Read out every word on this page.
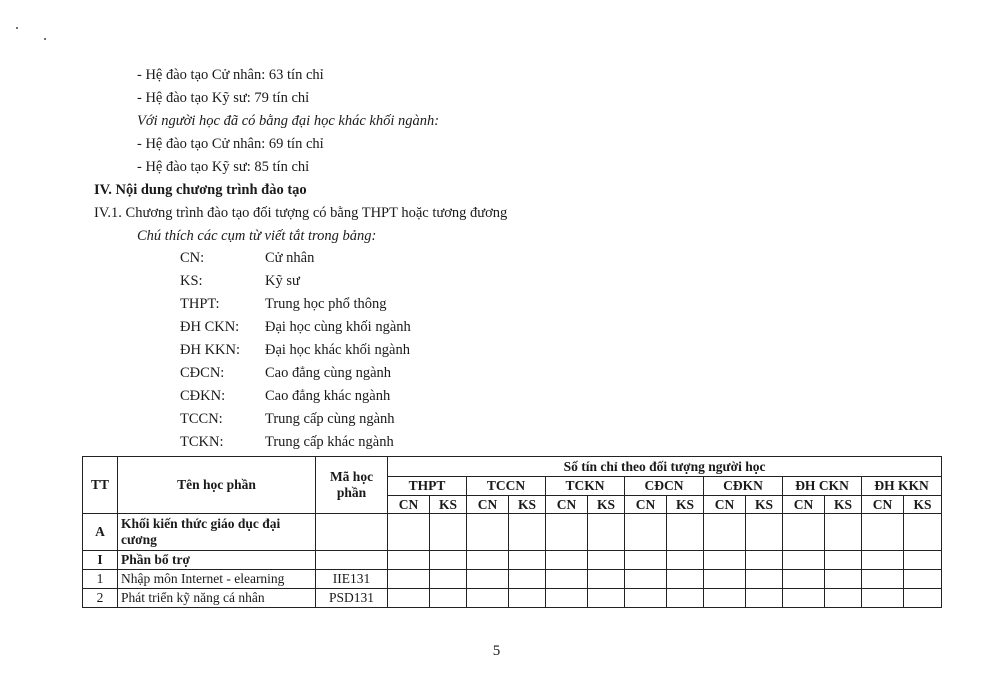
- Hệ đào tạo Cử nhân: 63 tín chỉ
- Hệ đào tạo Kỹ sư: 79 tín chỉ
Với người học đã có bằng đại học khác khối ngành:
- Hệ đào tạo Cử nhân: 69 tín chỉ
- Hệ đào tạo Kỹ sư: 85 tín chỉ
IV. Nội dung chương trình đào tạo
IV.1. Chương trình đào tạo đối tượng có bằng THPT hoặc tương đương
Chú thích các cụm từ viết tắt trong bảng:
CN:	Cử nhân
KS:	Kỹ sư
THPT:	Trung học phổ thông
ĐH CKN: Đại học cùng khối ngành
ĐH KKN: Đại học khác khối ngành
CĐCN:	Cao đẳng cùng ngành
CĐKN:	Cao đẳng khác ngành
TCCN:	Trung cấp cùng ngành
TCKN:	Trung cấp khác ngành
TT	Tên học phần	Mã học phần	Số tín chỉ theo đối tượng người học													
			THPT		TCCN		TCKN		CĐCN		CĐKN		ĐH CKN		ĐH KKN	
			CN	KS	CN	KS	CN	KS	CN	KS	CN	KS	CN	KS	CN	KS
A	Khối kiến thức giáo dục đại cương															
I	Phần bổ trợ															
1	Nhập môn Internet - elearning	IIE131														
2	Phát triển kỹ năng cá nhân	PSD131														
5
